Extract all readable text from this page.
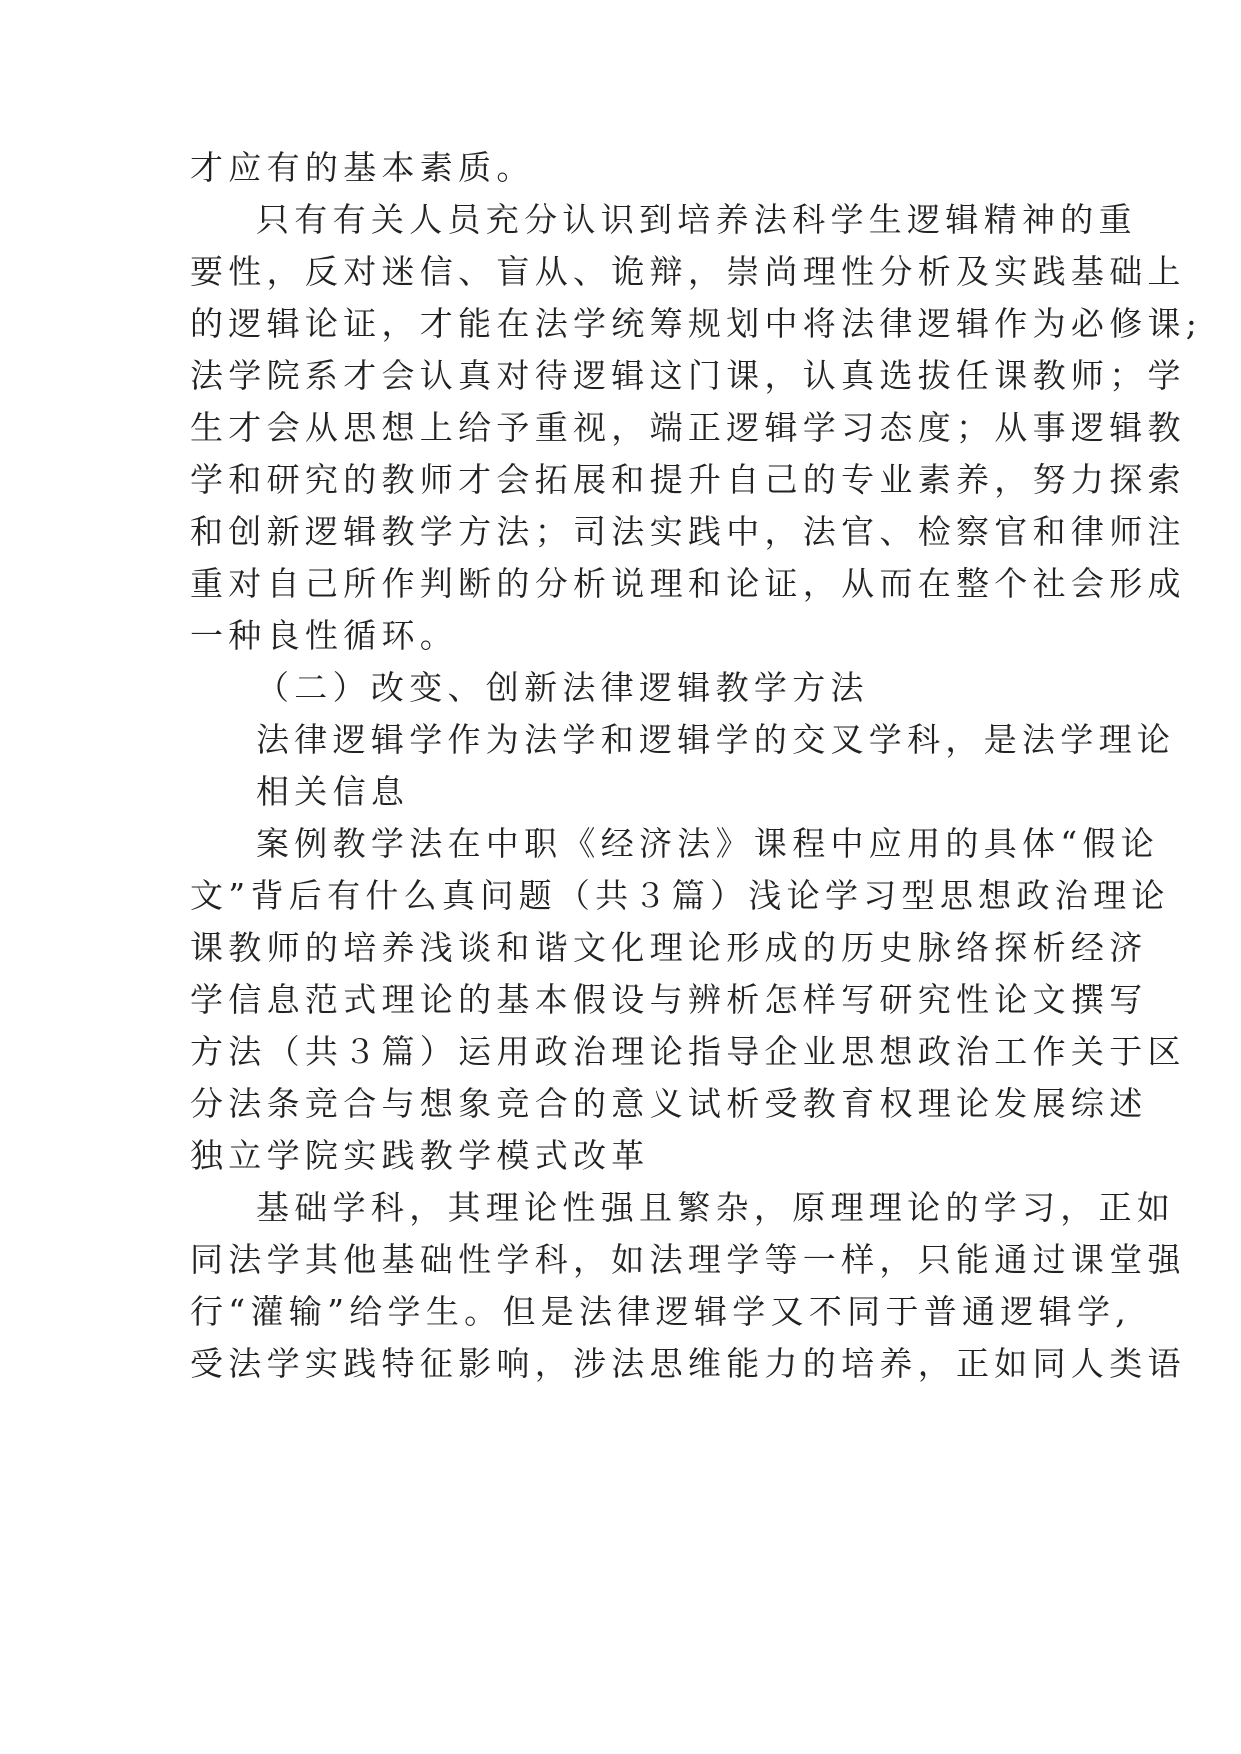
才应有的基本素质。
只有有关人员充分认识到培养法科学生逻辑精神的重
要性，反对迷信、盲从、诡辩，崇尚理性分析及实践基础上
的逻辑论证，才能在法学统筹规划中将法律逻辑作为必修课;
法学院系才会认真对待逻辑这门课，认真选拔任课教师；学
生才会从思想上给予重视，端正逻辑学习态度；从事逻辑教
学和研究的教师才会拓展和提升自己的专业素养，努力探索
和创新逻辑教学方法；司法实践中，法官、检察官和律师注
重对自己所作判断的分析说理和论证，从而在整个社会形成
一种良性循环。
（二）改变、创新法律逻辑教学方法
法律逻辑学作为法学和逻辑学的交叉学科，是法学理论
相关信息
案例教学法在中职《经济法》课程中应用的具体“假论
文”背后有什么真问题（共３篇）浅论学习型思想政治理论
课教师的培养浅谈和谐文化理论形成的历史脉络探析经济
学信息范式理论的基本假设与辨析怎样写研究性论文撰写
方法（共３篇）运用政治理论指导企业思想政治工作关于区
分法条竞合与想象竞合的意义试析受教育权理论发展综述
独立学院实践教学模式改革
基础学科，其理论性强且繁杂，原理理论的学习，正如
同法学其他基础性学科，如法理学等一样，只能通过课堂强
行“灌输”给学生。但是法律逻辑学又不同于普通逻辑学,
受法学实践特征影响，涉法思维能力的培养，正如同人类语
